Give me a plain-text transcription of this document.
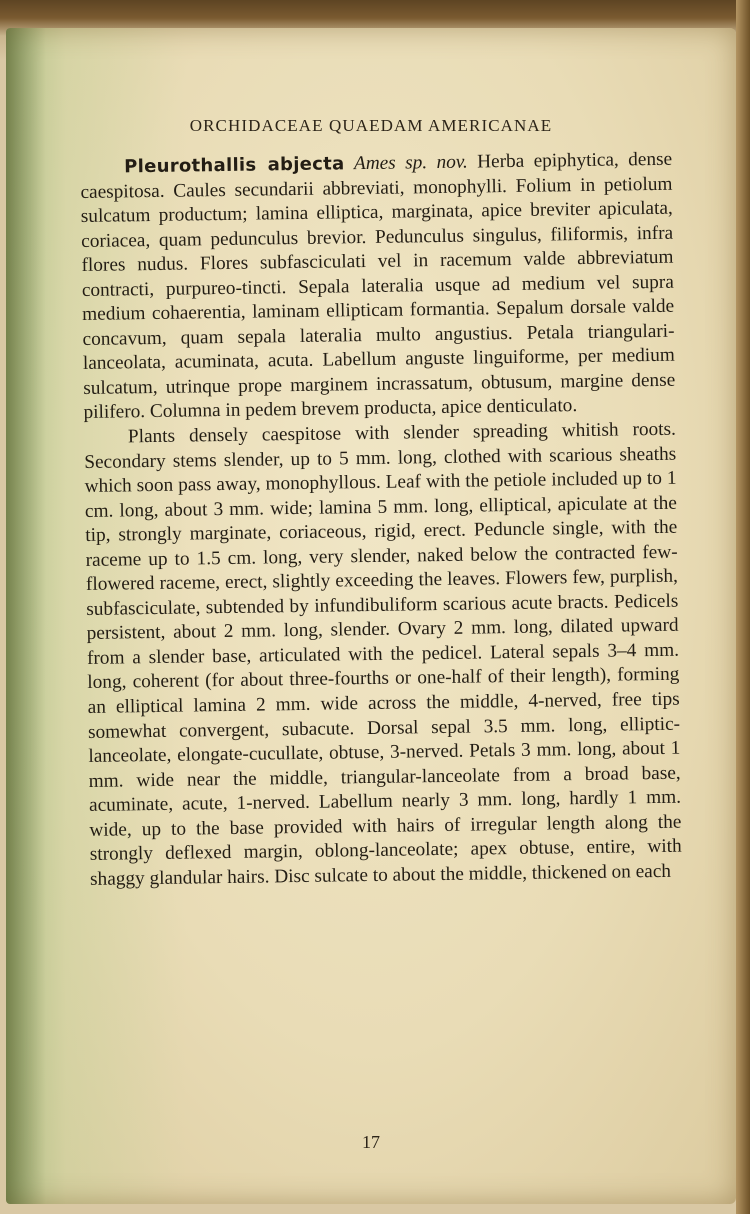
ORCHIDACEAE QUAEDAM AMERICANAE

Pleurothallis abjecta Ames sp. nov. Herba epiphytica, dense caespitosa. Caules secundarii abbreviati, monophylli. Folium in petiolum sulcatum productum; lamina elliptica, marginata, apice breviter apiculata, coriacea, quam pedunculus brevior. Pedunculus singulus, filiformis, infra flores nudus. Flores subfasciculati vel in racemum valde abbreviatum contracti, purpureo-tincti. Sepala lateralia usque ad medium vel supra medium cohaerentia, laminam ellipticam formantia. Sepalum dorsale valde concavum, quam sepala lateralia multo angustius. Petala triangulari-lanceolata, acuminata, acuta. Labellum anguste linguiforme, per medium sulcatum, utrinque prope marginem incrassatum, obtusum, margine dense pilifero. Columna in pedem brevem producta, apice denticulato.

Plants densely caespitose with slender spreading whitish roots. Secondary stems slender, up to 5 mm. long, clothed with scarious sheaths which soon pass away, monophyllous. Leaf with the petiole included up to 1 cm. long, about 3 mm. wide; lamina 5 mm. long, elliptical, apiculate at the tip, strongly marginate, coriaceous, rigid, erect. Peduncle single, with the raceme up to 1.5 cm. long, very slender, naked below the contracted few-flowered raceme, erect, slightly exceeding the leaves. Flowers few, purplish, subfasciculate, subtended by infundibuliform scarious acute bracts. Pedicels persistent, about 2 mm. long, slender. Ovary 2 mm. long, dilated upward from a slender base, articulated with the pedicel. Lateral sepals 3–4 mm. long, coherent (for about three-fourths or one-half of their length), forming an elliptical lamina 2 mm. wide across the middle, 4-nerved, free tips somewhat convergent, subacute. Dorsal sepal 3.5 mm. long, elliptic-lanceolate, elongate-cucullate, obtuse, 3-nerved. Petals 3 mm. long, about 1 mm. wide near the middle, triangular-lanceolate from a broad base, acuminate, acute, 1-nerved. Labellum nearly 3 mm. long, hardly 1 mm. wide, up to the base provided with hairs of irregular length along the strongly deflexed margin, oblong-lanceolate; apex obtuse, entire, with shaggy glandular hairs. Disc sulcate to about the middle, thickened on each

17
